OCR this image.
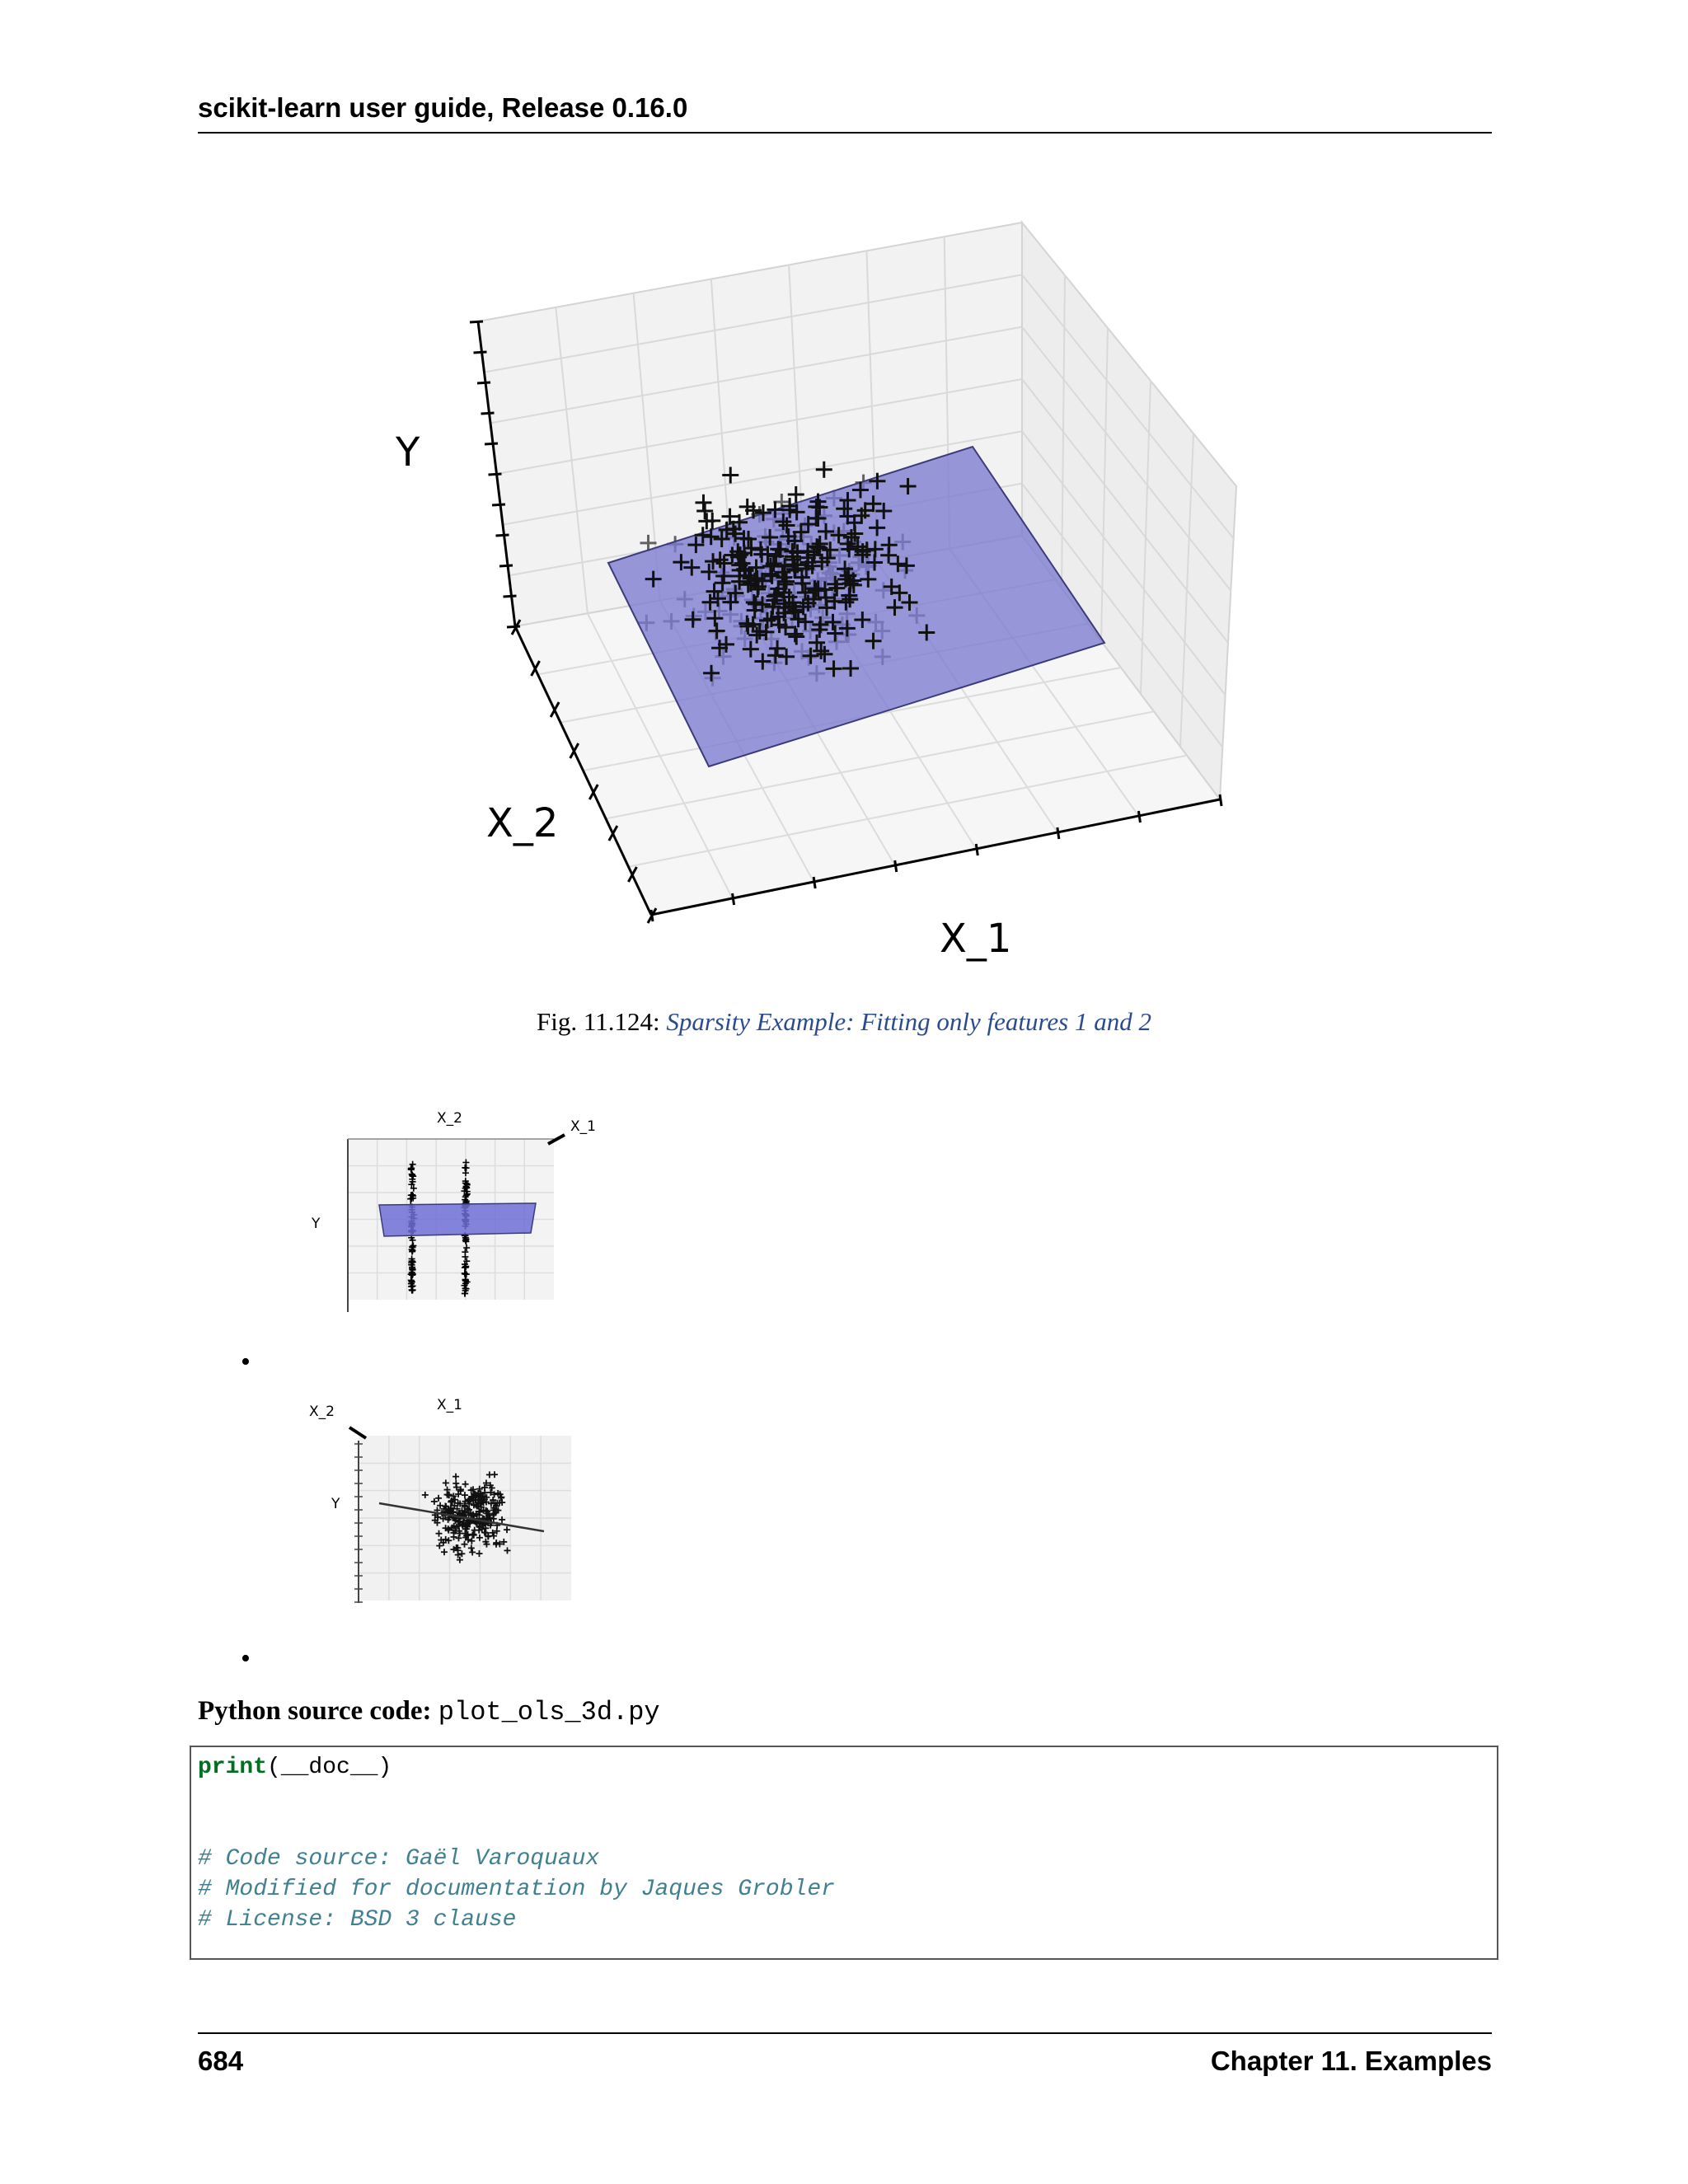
scikit-learn user guide, Release 0.16.0
Y
X_2
X_1
Fig. 11.124: Sparsity Example: Fitting only features 1 and 2
X_2	X_1
Y
•
X_2	X_1
Y
•
Python source code: plot_ols_3d.py
print(__doc__)
# Code source: Gaël Varoquaux
# Modified for documentation by Jaques Grobler
# License: BSD 3 clause
684	Chapter 11. Examples
